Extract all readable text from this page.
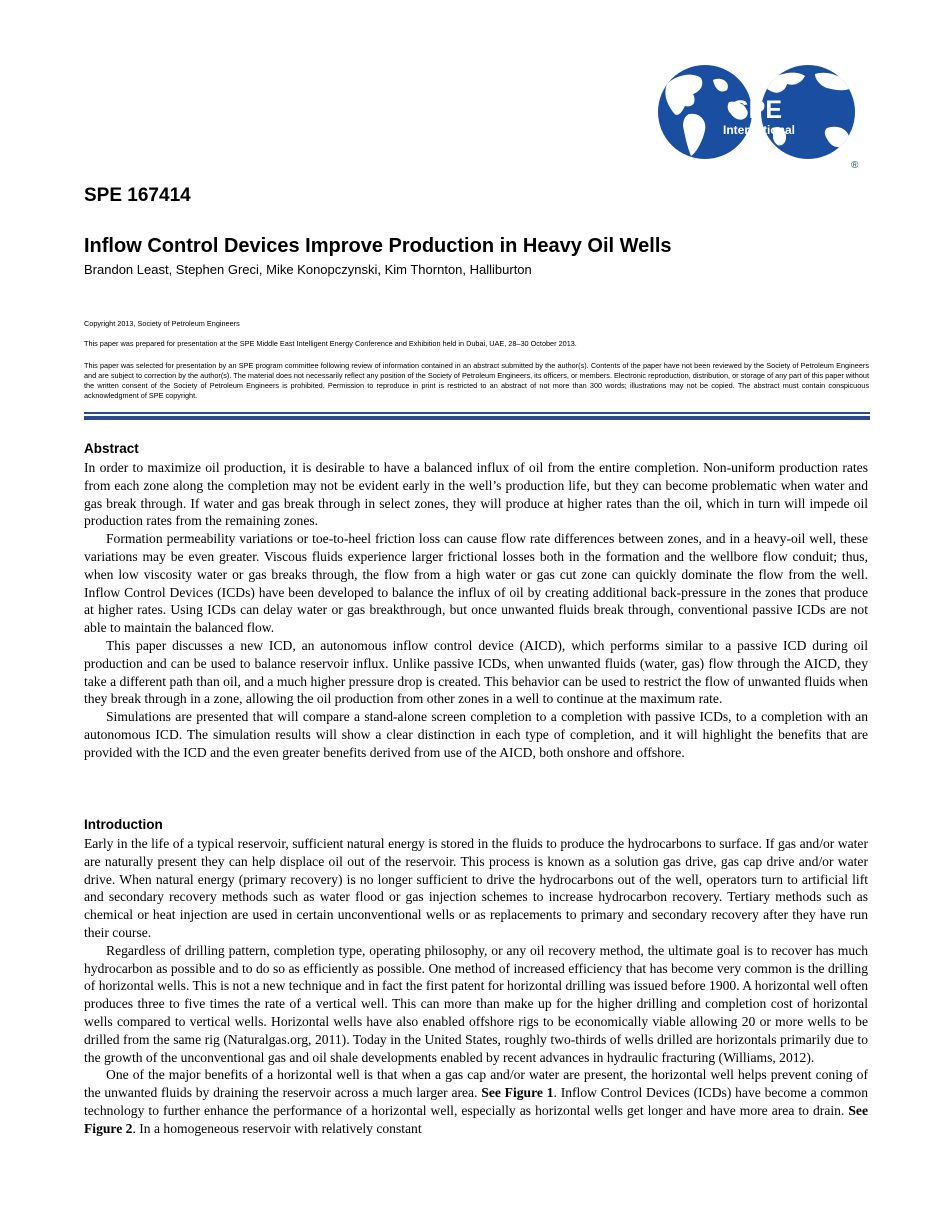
SPE
International
®
SPE 167414
Inflow Control Devices Improve Production in Heavy Oil Wells

Brandon Least, Stephen Greci, Mike Konopczynski, Kim Thornton, Halliburton

Copyright 2013, Society of Petroleum Engineers

This paper was prepared for presentation at the SPE Middle East Intelligent Energy Conference and Exhibition held in Dubai, UAE, 28–30 October 2013.

This paper was selected for presentation by an SPE program committee following review of information contained in an abstract submitted by the author(s). Contents of the paper have not been reviewed by the Society of Petroleum Engineers and are subject to correction by the author(s). The material does not necessarily reflect any position of the Society of Petroleum Engineers, its officers, or members. Electronic reproduction, distribution, or storage of any part of this paper without the written consent of the Society of Petroleum Engineers is prohibited. Permission to reproduce in print is restricted to an abstract of not more than 300 words; illustrations may not be copied. The abstract must contain conspicuous acknowledgment of SPE copyright.

Abstract

In order to maximize oil production, it is desirable to have a balanced influx of oil from the entire completion. Non-uniform production rates from each zone along the completion may not be evident early in the well’s production life, but they can become problematic when water and gas break through. If water and gas break through in select zones, they will produce at higher rates than the oil, which in turn will impede oil production rates from the remaining zones.

Formation permeability variations or toe-to-heel friction loss can cause flow rate differences between zones, and in a heavy-oil well, these variations may be even greater. Viscous fluids experience larger frictional losses both in the formation and the wellbore flow conduit; thus, when low viscosity water or gas breaks through, the flow from a high water or gas cut zone can quickly dominate the flow from the well. Inflow Control Devices (ICDs) have been developed to balance the influx of oil by creating additional back-pressure in the zones that produce at higher rates. Using ICDs can delay water or gas breakthrough, but once unwanted fluids break through, conventional passive ICDs are not able to maintain the balanced flow.

This paper discusses a new ICD, an autonomous inflow control device (AICD), which performs similar to a passive ICD during oil production and can be used to balance reservoir influx. Unlike passive ICDs, when unwanted fluids (water, gas) flow through the AICD, they take a different path than oil, and a much higher pressure drop is created. This behavior can be used to restrict the flow of unwanted fluids when they break through in a zone, allowing the oil production from other zones in a well to continue at the maximum rate.

Simulations are presented that will compare a stand-alone screen completion to a completion with passive ICDs, to a completion with an autonomous ICD. The simulation results will show a clear distinction in each type of completion, and it will highlight the benefits that are provided with the ICD and the even greater benefits derived from use of the AICD, both onshore and offshore.

Introduction

Early in the life of a typical reservoir, sufficient natural energy is stored in the fluids to produce the hydrocarbons to surface. If gas and/or water are naturally present they can help displace oil out of the reservoir. This process is known as a solution gas drive, gas cap drive and/or water drive. When natural energy (primary recovery) is no longer sufficient to drive the hydrocarbons out of the well, operators turn to artificial lift and secondary recovery methods such as water flood or gas injection schemes to increase hydrocarbon recovery. Tertiary methods such as chemical or heat injection are used in certain unconventional wells or as replacements to primary and secondary recovery after they have run their course.

Regardless of drilling pattern, completion type, operating philosophy, or any oil recovery method, the ultimate goal is to recover has much hydrocarbon as possible and to do so as efficiently as possible. One method of increased efficiency that has become very common is the drilling of horizontal wells. This is not a new technique and in fact the first patent for horizontal drilling was issued before 1900. A horizontal well often produces three to five times the rate of a vertical well. This can more than make up for the higher drilling and completion cost of horizontal wells compared to vertical wells. Horizontal wells have also enabled offshore rigs to be economically viable allowing 20 or more wells to be drilled from the same rig (Naturalgas.org, 2011). Today in the United States, roughly two-thirds of wells drilled are horizontals primarily due to the growth of the unconventional gas and oil shale developments enabled by recent advances in hydraulic fracturing (Williams, 2012).

One of the major benefits of a horizontal well is that when a gas cap and/or water are present, the horizontal well helps prevent coning of the unwanted fluids by draining the reservoir across a much larger area. See Figure 1. Inflow Control Devices (ICDs) have become a common technology to further enhance the performance of a horizontal well, especially as horizontal wells get longer and have more area to drain. See Figure 2. In a homogeneous reservoir with relatively constant
